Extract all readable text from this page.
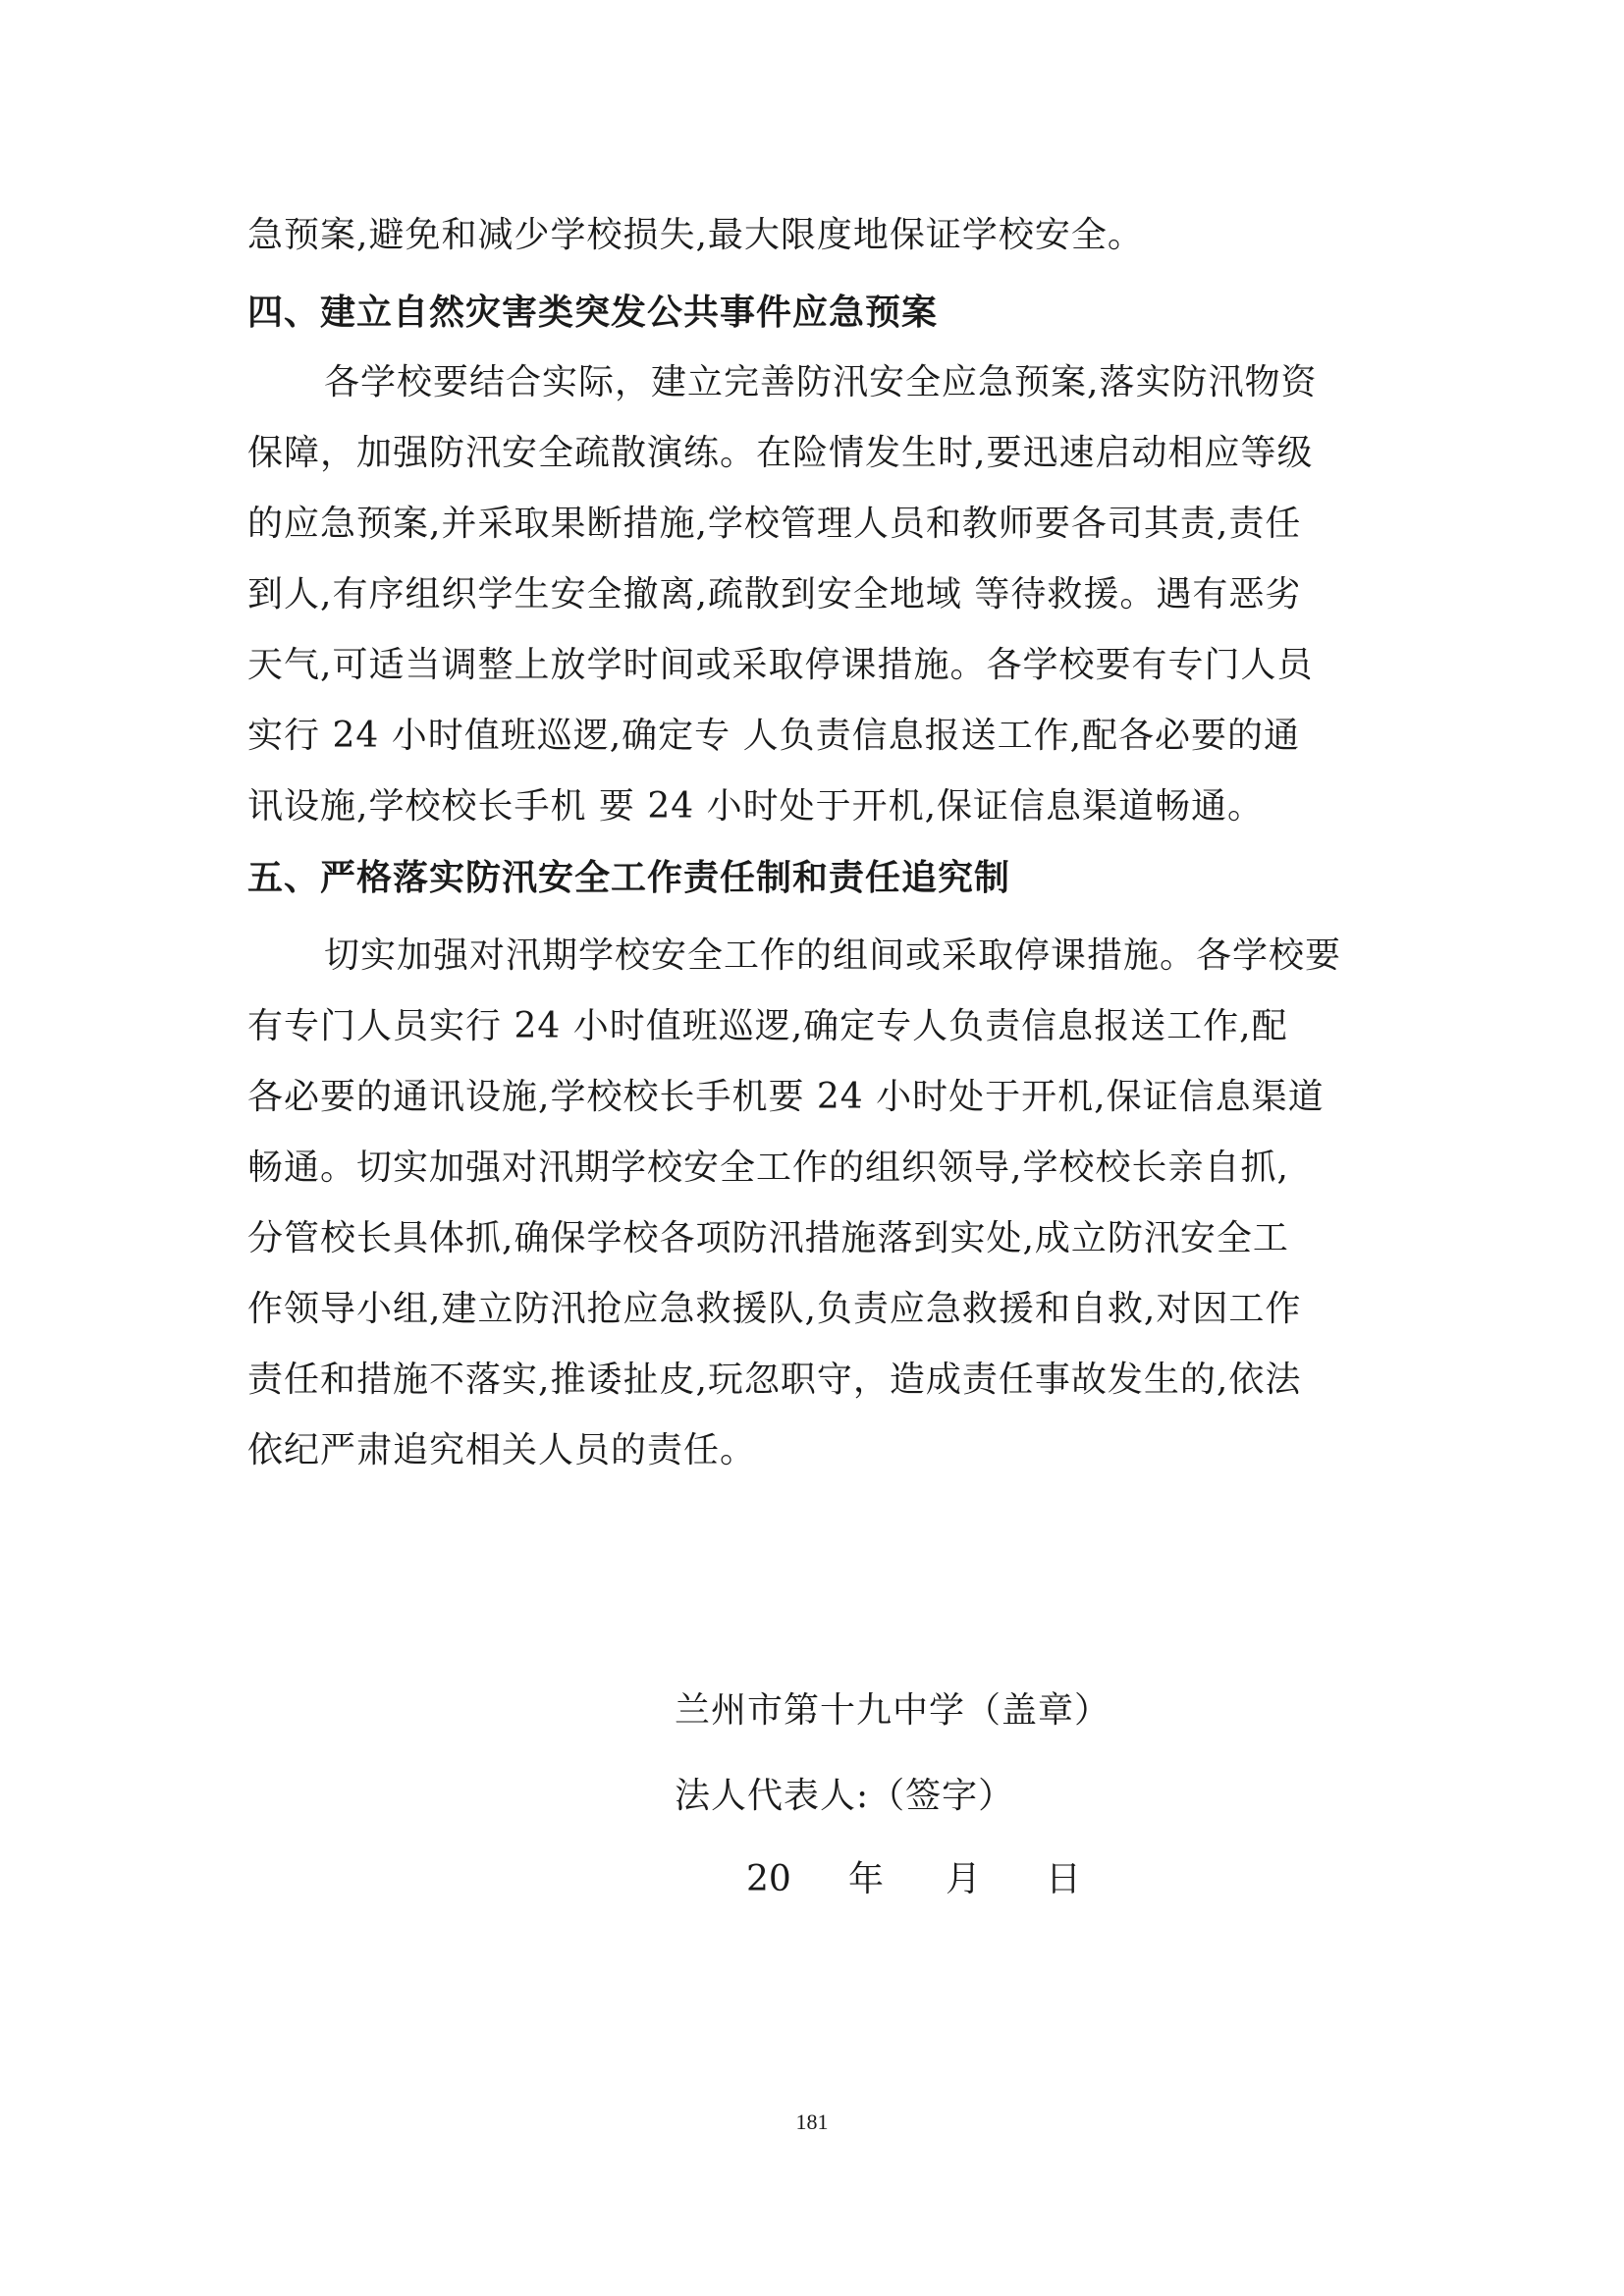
急预案,避免和减少学校损失,最大限度地保证学校安全。
四、建立自然灾害类突发公共事件应急预案
各学校要结合实际，建立完善防汛安全应急预案,落实防汛物资
保障，加强防汛安全疏散演练。在险情发生时,要迅速启动相应等级
的应急预案,并采取果断措施,学校管理人员和教师要各司其责,责任
到人,有序组织学生安全撤离,疏散到安全地域 等待救援。遇有恶劣
天气,可适当调整上放学时间或采取停课措施。各学校要有专门人员
实行 24 小时值班巡逻,确定专 人负责信息报送工作,配各必要的通
讯设施,学校校长手机 要 24 小时处于开机,保证信息渠道畅通。
五、严格落实防汛安全工作责任制和责任追究制
切实加强对汛期学校安全工作的组间或采取停课措施。各学校要
有专门人员实行 24 小时值班巡逻,确定专人负责信息报送工作,配
各必要的通讯设施,学校校长手机要 24 小时处于开机,保证信息渠道
畅通。切实加强对汛期学校安全工作的组织领导,学校校长亲自抓,
分管校长具体抓,确保学校各项防汛措施落到实处,成立防汛安全工
作领导小组,建立防汛抢应急救援队,负责应急救援和自救,对因工作
责任和措施不落实,推诿扯皮,玩忽职守，造成责任事故发生的,依法
依纪严肃追究相关人员的责任。
兰州市第十九中学（盖章）
法人代表人:（签字）
20 年 月 日
181
